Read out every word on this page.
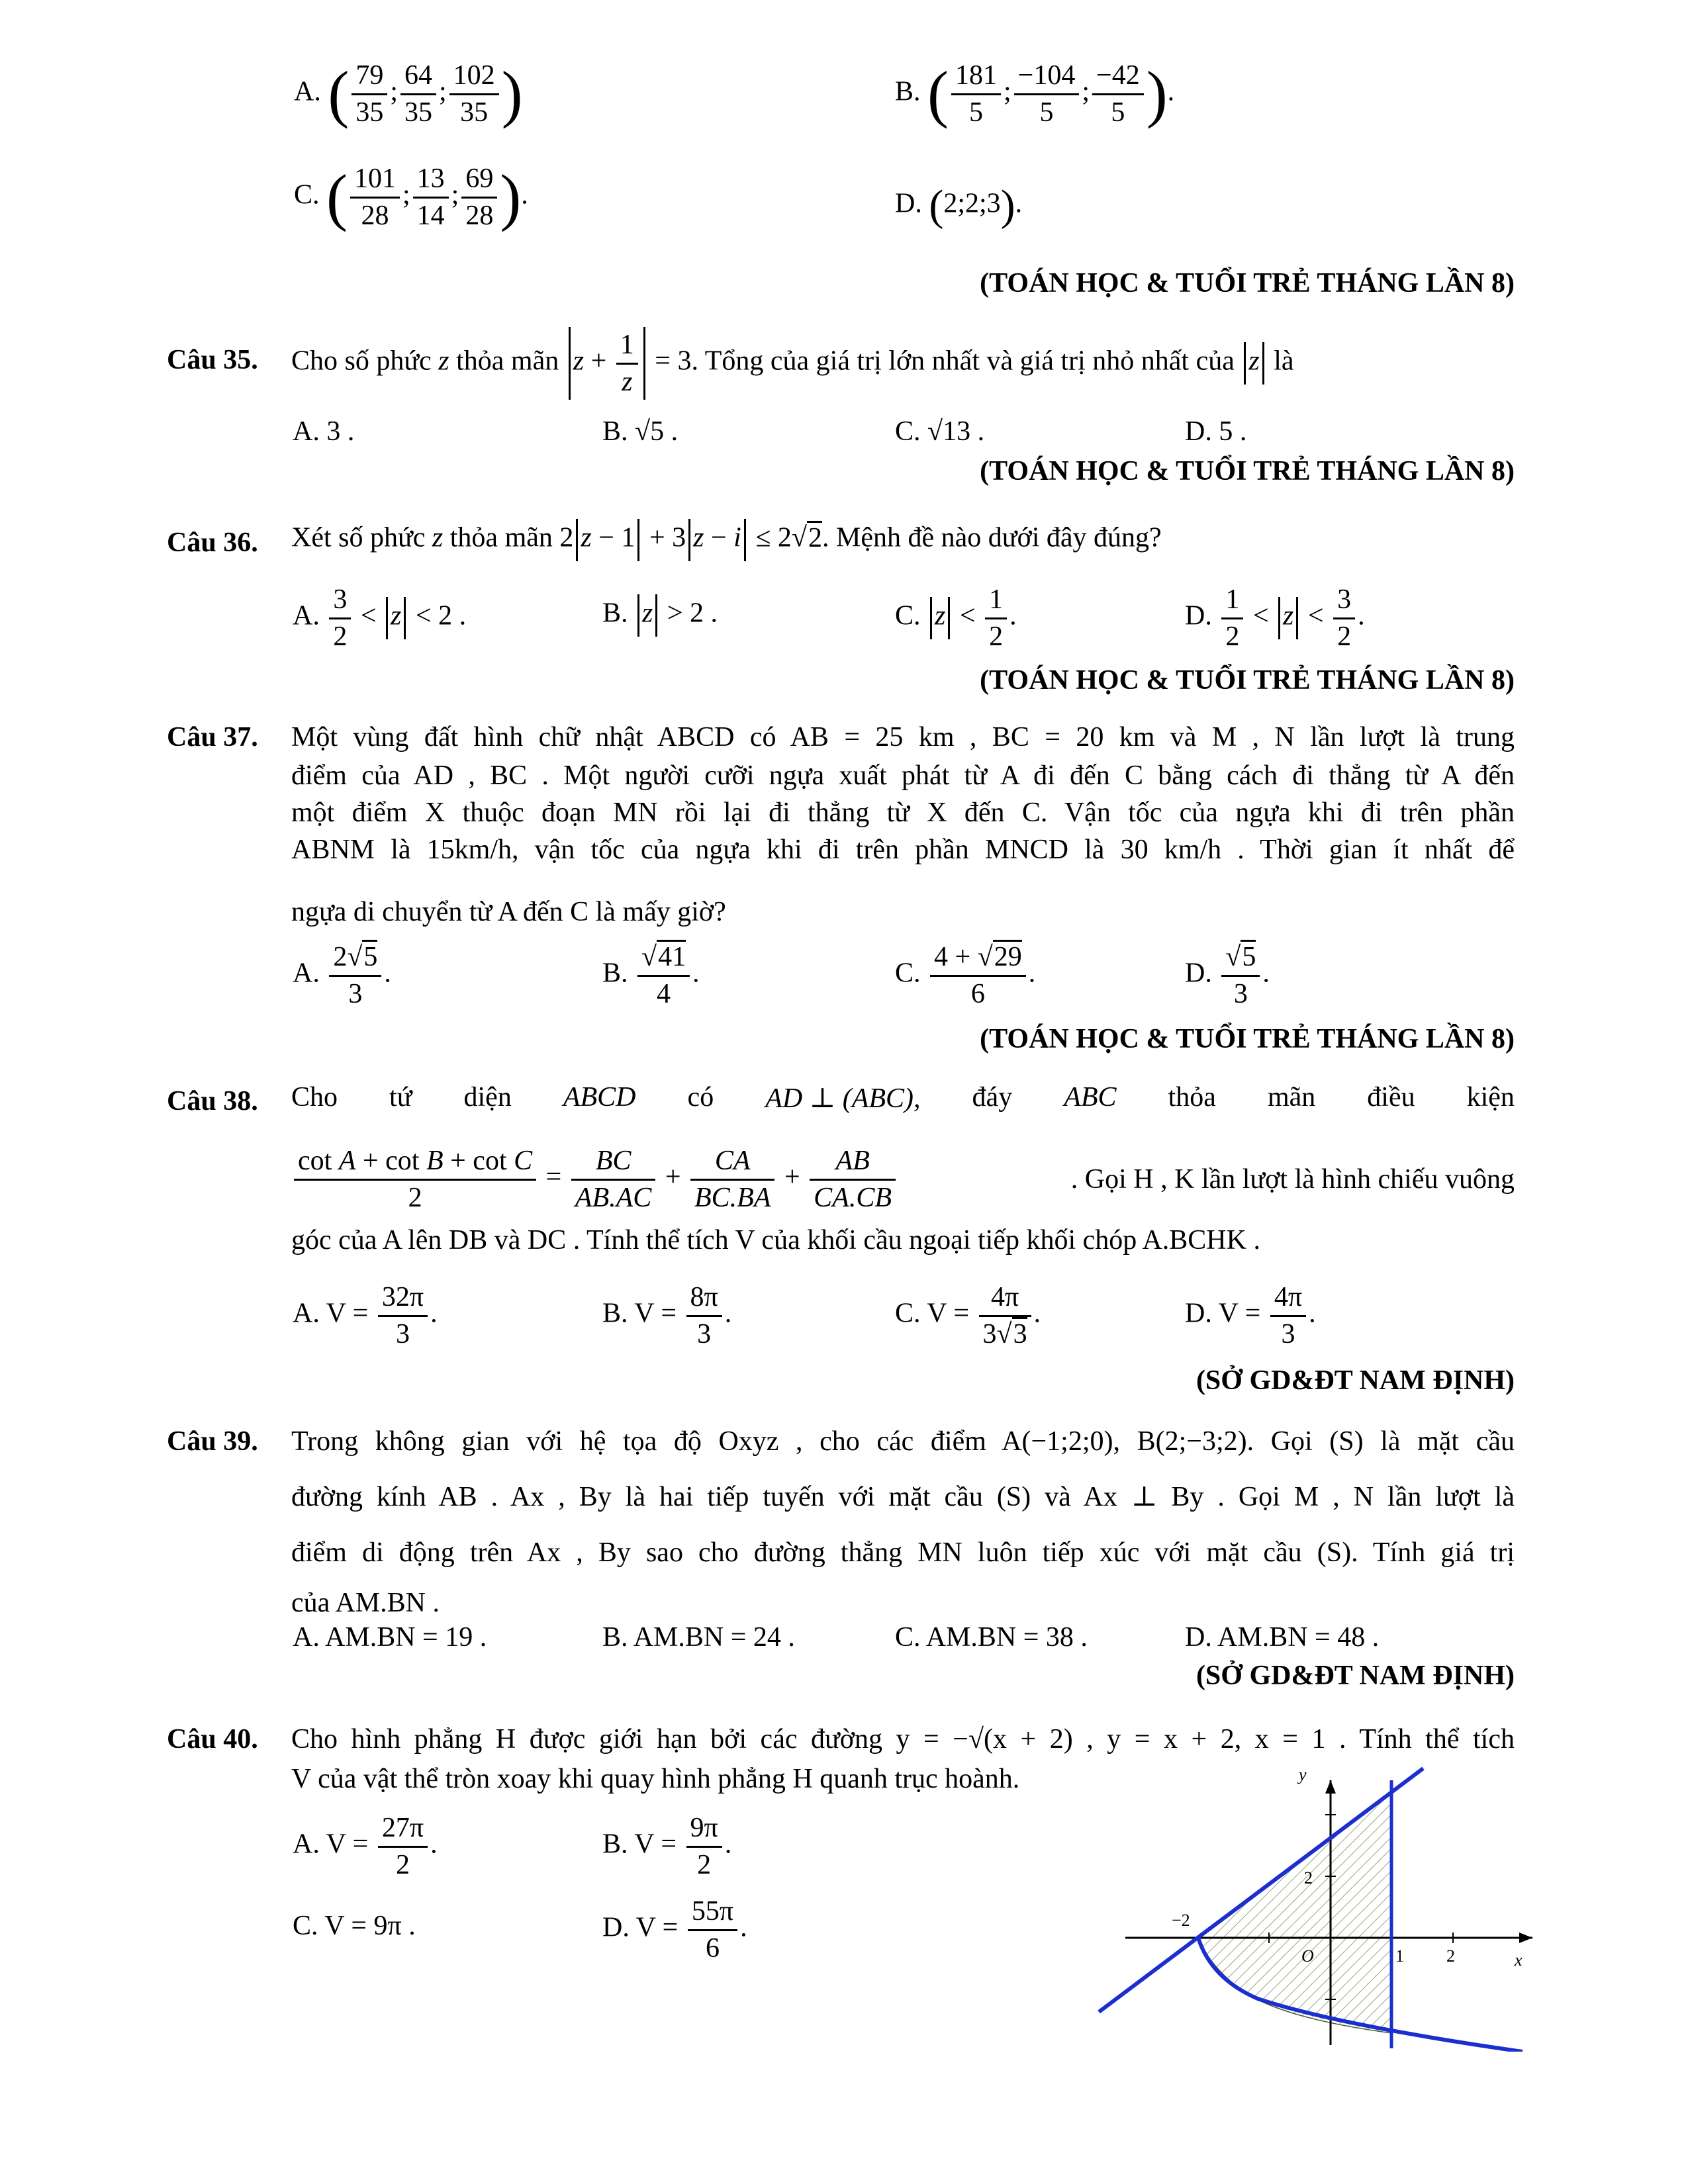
A. ( $\frac{79}{35}$ ; $\frac{64}{35}$ ; $\frac{102}{35}$ )	B. ( $\frac{181}{5}$ ; $\frac{-104}{5}$ ; $\frac{-42}{5}$ ).
C. ( $\frac{101}{28}$ ; $\frac{13}{14}$ ; $\frac{69}{28}$ ).	D. (2;2;3).
(TOÁN HỌC & TUỔI TRẺ THÁNG LẦN 8)
Câu 35. Cho số phức z thỏa mãn $z + \frac{1}{z} = 3$. Tổng của giá trị lớn nhất và giá trị nhỏ nhất của z là
A. 3 .	B. √5 .	C. √13 .	D. 5 .
(TOÁN HỌC & TUỔI TRẺ THÁNG LẦN 8)
Câu 36. Xét số phức z thỏa mãn 2 z − 1 + 3 z − i ≤ 2√2. Mệnh đề nào dưới đây đúng?
A. $\frac{3}{2} < z < 2$ .	B. z > 2 .	C. $z < \frac{1}{2}$ .	D. $\frac{1}{2} < z < \frac{3}{2}$ .
(TOÁN HỌC & TUỔI TRẺ THÁNG LẦN 8)
Câu 37. Một vùng đất hình chữ nhật ABCD có AB = 25 km , BC = 20 km và M , N lần lượt là trung
điểm của AD , BC . Một người cưỡi ngựa xuất phát từ A đi đến C bằng cách đi thẳng từ A đến
một điểm X thuộc đoạn MN rồi lại đi thẳng từ X đến C. Vận tốc của ngựa khi đi trên phần
ABNM là 15km/h, vận tốc của ngựa khi đi trên phần MNCD là 30 km/h . Thời gian ít nhất để
ngựa di chuyển từ A đến C là mấy giờ?
A. $\frac{2√5}{3}$ .	B. $\frac{√41}{4}$ .	C. $\frac{4 + √29}{6}$ .	D. $\frac{√5}{3}$ .
(TOÁN HỌC & TUỔI TRẺ THÁNG LẦN 8)
Câu 38. Cho tứ diện ABCD có AD ⊥ (ABC), đáy ABC thỏa mãn điều kiện
$\frac{\text{cot A + cot B + cot C}}{2} = \frac{BC}{AB.AC} + \frac{CA}{BC.BA} + \frac{AB}{CA.CB}$	. Gọi H , K lần lượt là hình chiếu vuông
góc của A lên DB và DC . Tính thể tích V của khối cầu ngoại tiếp khối chóp A.BCHK .
A. $V = \frac{32\pi}{3}$ .	B. $V = \frac{8\pi}{3}$ .	C. $V = \frac{4\pi}{3√3}$ .	D. $V = \frac{4\pi}{3}$ .
(SỞ GD&ĐT NAM ĐỊNH)
Câu 39. Trong không gian với hệ tọa độ Oxyz , cho các điểm A(−1;2;0), B(2;−3;2). Gọi (S) là mặt cầu
đường kính AB . Ax , By là hai tiếp tuyến với mặt cầu (S) và Ax ⊥ By . Gọi M , N lần lượt là
điểm di động trên Ax , By sao cho đường thẳng MN luôn tiếp xúc với mặt cầu (S). Tính giá trị
của AM.BN .
A. AM.BN = 19 .	B. AM.BN = 24 .	C. AM.BN = 38 .	D. AM.BN = 48 .
(SỞ GD&ĐT NAM ĐỊNH)
Câu 40. Cho hình phẳng H được giới hạn bởi các đường y = −√(x + 2) , y = x + 2, x = 1 . Tính thể tích
V của vật thể tròn xoay khi quay hình phẳng H quanh trục hoành.
A. $V = \frac{27\pi}{2}$ .	B. $V = \frac{9\pi}{2}$ .
C. V = 9π .	D. $V = \frac{55\pi}{6}$ .
y
x
O
2
−2
1 2
